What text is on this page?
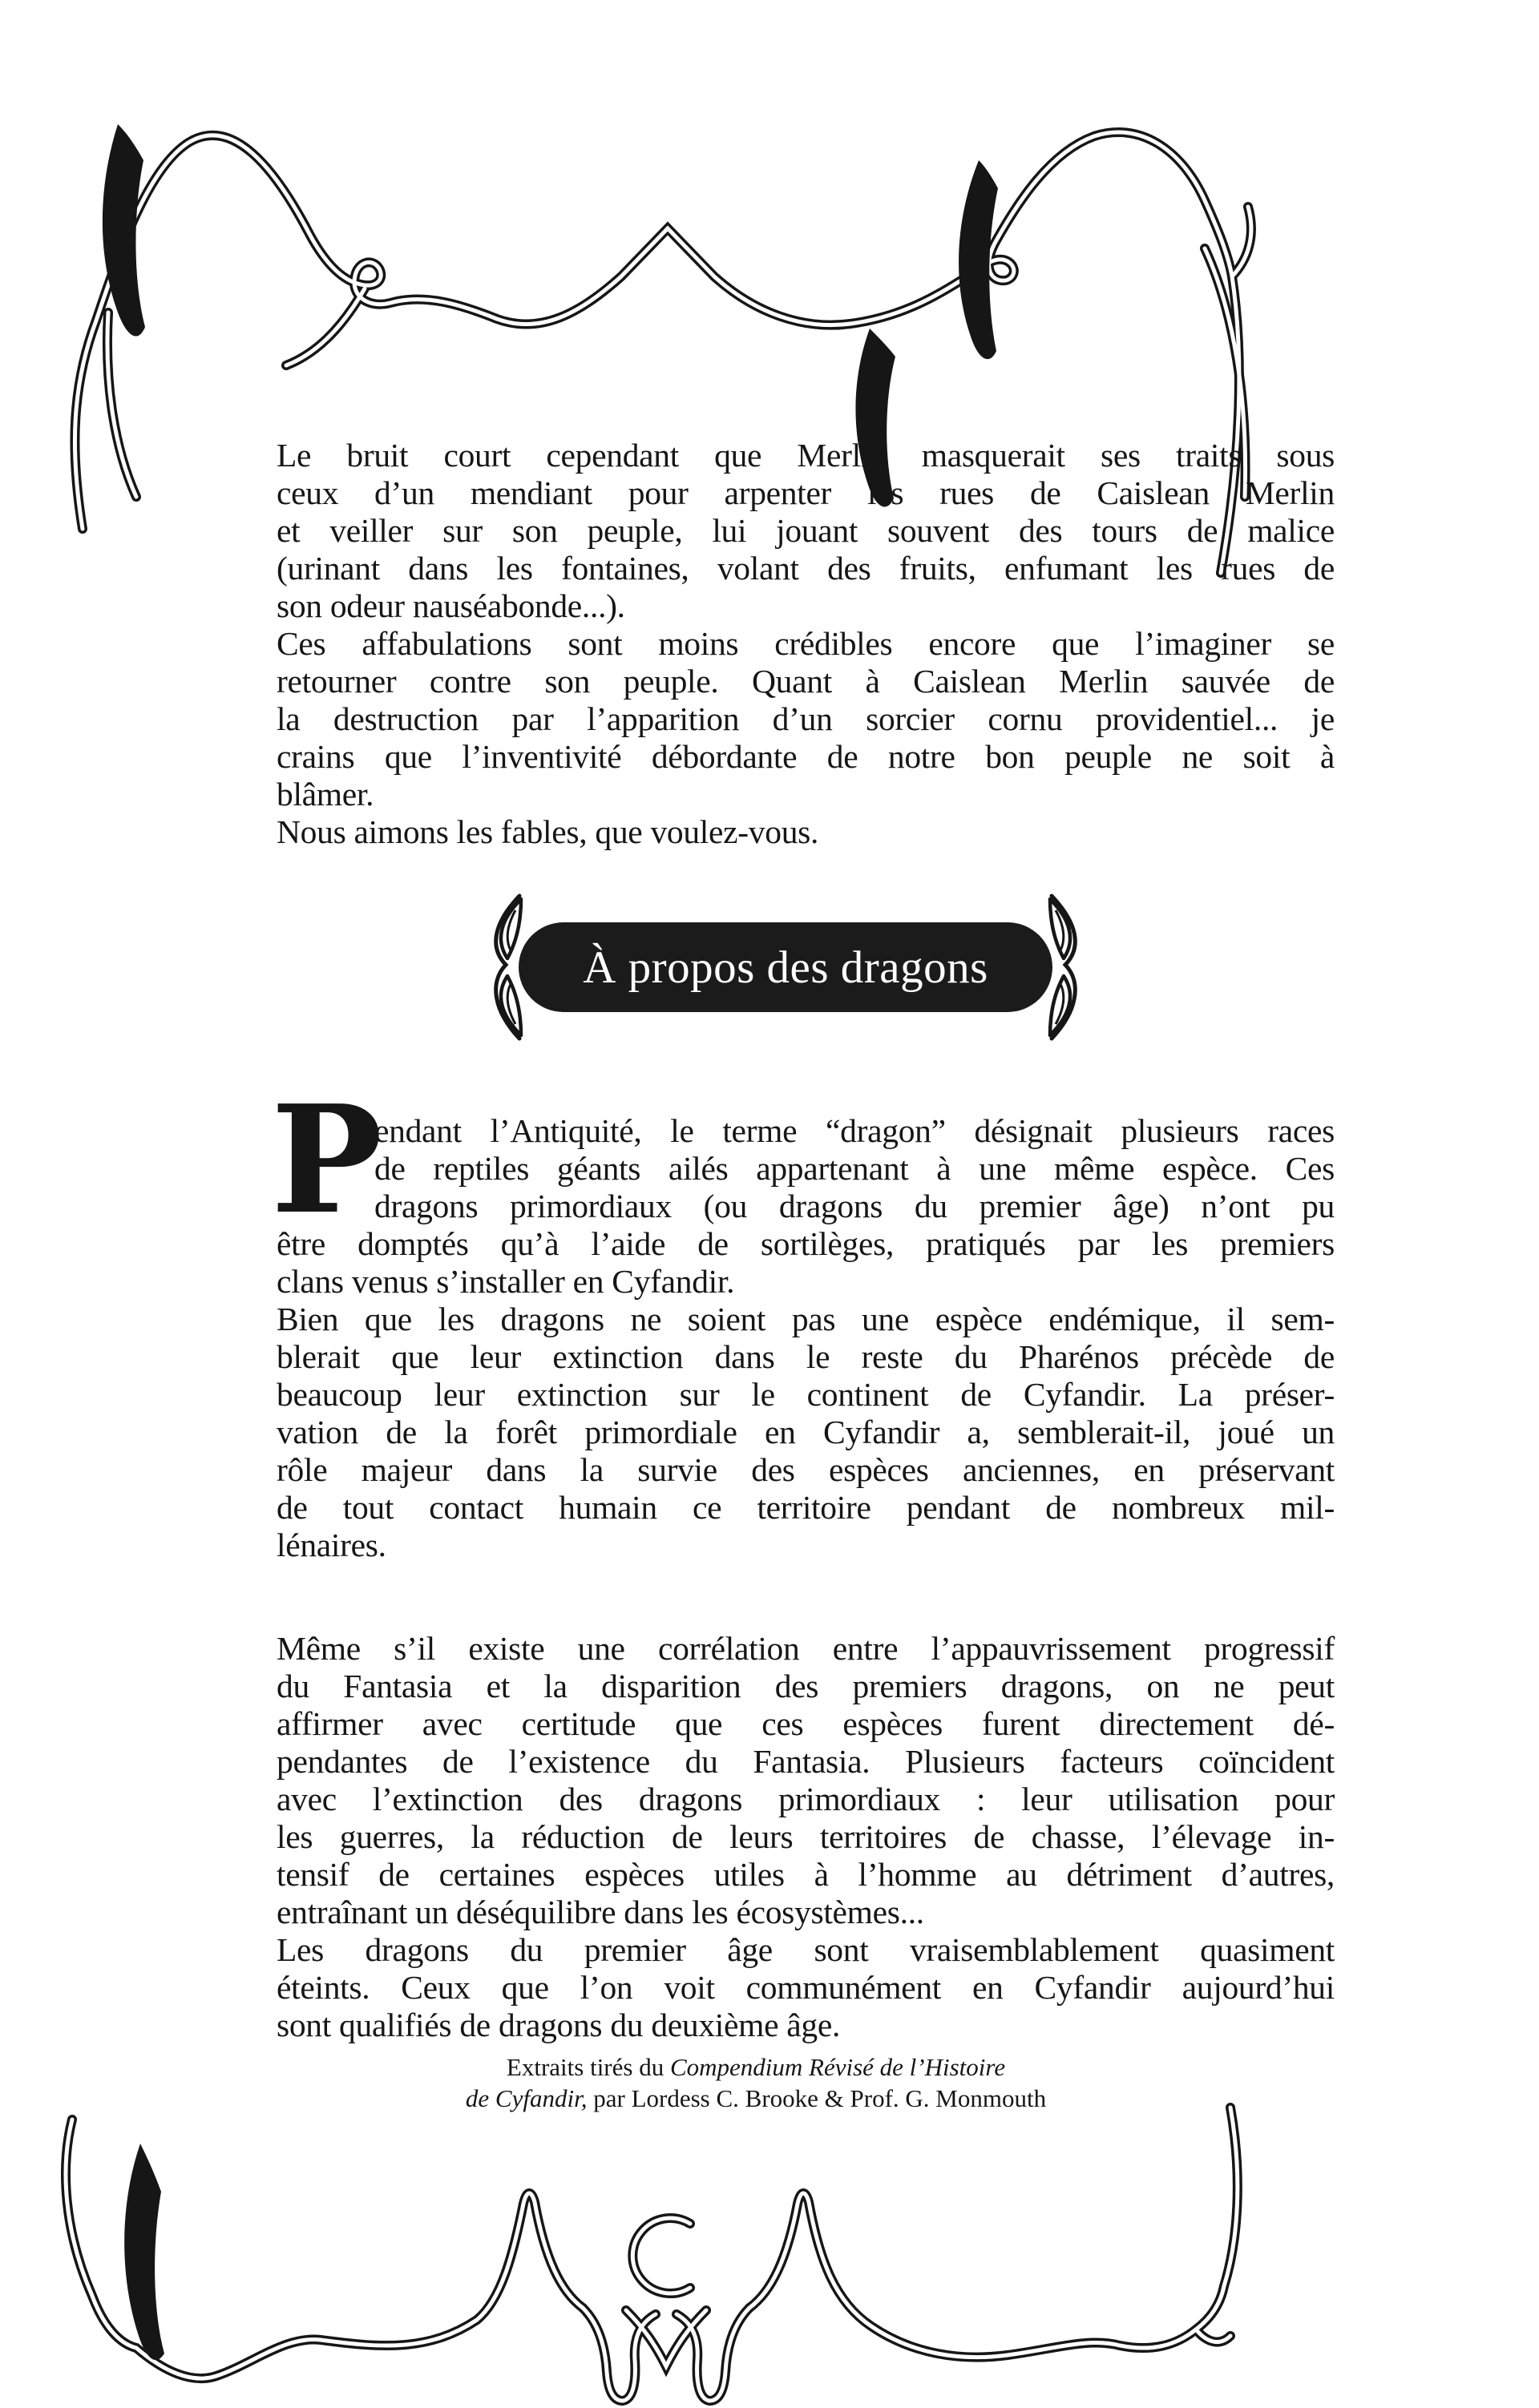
Le bruit court cependant que Merlin masquerait ses traits sous
ceux d’un mendiant pour arpenter les rues de Caislean Merlin
et veiller sur son peuple, lui jouant souvent des tours de malice
(urinant dans les fontaines, volant des fruits, enfumant les rues de
son odeur nauséabonde...).
Ces affabulations sont moins crédibles encore que l’imaginer se
retourner contre son peuple. Quant à Caislean Merlin sauvée de
la destruction par l’apparition d’un sorcier cornu providentiel... je
crains que l’inventivité débordante de notre bon peuple ne soit à
blâmer.
Nous aimons les fables, que voulez-vous.
À propos des dragons
P
endant l’Antiquité, le terme “dragon” désignait plusieurs races
de reptiles géants ailés appartenant à une même espèce. Ces
dragons primordiaux (ou dragons du premier âge) n’ont pu
être domptés qu’à l’aide de sortilèges, pratiqués par les premiers
clans venus s’installer en Cyfandir.
Bien que les dragons ne soient pas une espèce endémique, il sem-
blerait que leur extinction dans le reste du Pharénos précède de
beaucoup leur extinction sur le continent de Cyfandir. La préser-
vation de la forêt primordiale en Cyfandir a, semblerait-il, joué un
rôle majeur dans la survie des espèces anciennes, en préservant
de tout contact humain ce territoire pendant de nombreux mil-
lénaires.
Même s’il existe une corrélation entre l’appauvrissement progressif
du Fantasia et la disparition des premiers dragons, on ne peut
affirmer avec certitude que ces espèces furent directement dé-
pendantes de l’existence du Fantasia. Plusieurs facteurs coïncident
avec l’extinction des dragons primordiaux : leur utilisation pour
les guerres, la réduction de leurs territoires de chasse, l’élevage in-
tensif de certaines espèces utiles à l’homme au détriment d’autres,
entraînant un déséquilibre dans les écosystèmes...
Les dragons du premier âge sont vraisemblablement quasiment
éteints. Ceux que l’on voit communément en Cyfandir aujourd’hui
sont qualifiés de dragons du deuxième âge.
Extraits tirés du Compendium Révisé de l’Histoire
de Cyfandir, par Lordess C. Brooke & Prof. G. Monmouth
